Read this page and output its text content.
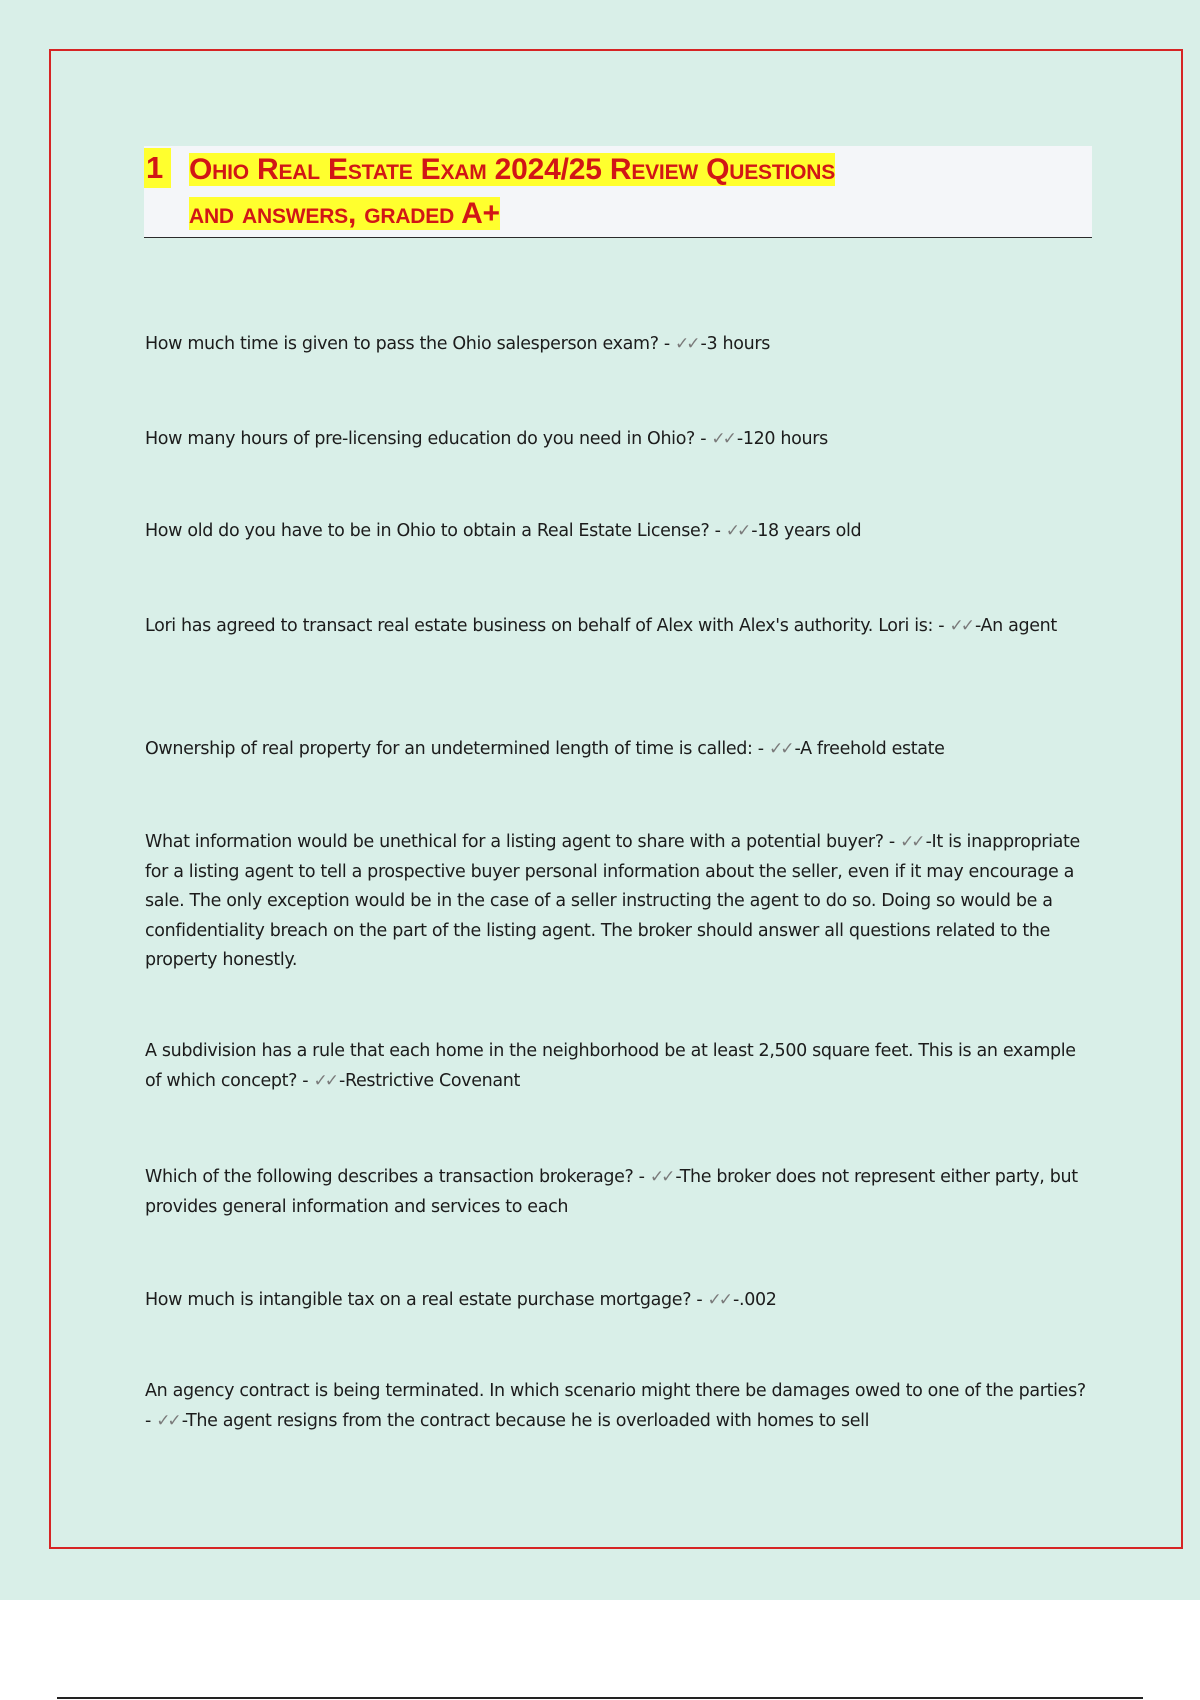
1 Ohio Real Estate Exam 2024/25 Review Questions
and answers, graded A+

How much time is given to pass the Ohio salesperson exam? - ✓✓ -3 hours

How many hours of pre-licensing education do you need in Ohio? - ✓✓ -120 hours

How old do you have to be in Ohio to obtain a Real Estate License? - ✓✓ -18 years old

Lori has agreed to transact real estate business on behalf of Alex with Alex's authority. Lori is: - ✓✓ -An agent

Ownership of real property for an undetermined length of time is called: - ✓✓ -A freehold estate

What information would be unethical for a listing agent to share with a potential buyer? - ✓✓ -It is inappropriate for a listing agent to tell a prospective buyer personal information about the seller, even if it may encourage a sale. The only exception would be in the case of a seller instructing the agent to do so. Doing so would be a confidentiality breach on the part of the listing agent. The broker should answer all questions related to the property honestly.

A subdivision has a rule that each home in the neighborhood be at least 2,500 square feet. This is an example of which concept? - ✓✓ -Restrictive Covenant

Which of the following describes a transaction brokerage? - ✓✓ -The broker does not represent either party, but provides general information and services to each

How much is intangible tax on a real estate purchase mortgage? - ✓✓ -.002

An agency contract is being terminated. In which scenario might there be damages owed to one of the parties? - ✓✓ -The agent resigns from the contract because he is overloaded with homes to sell
